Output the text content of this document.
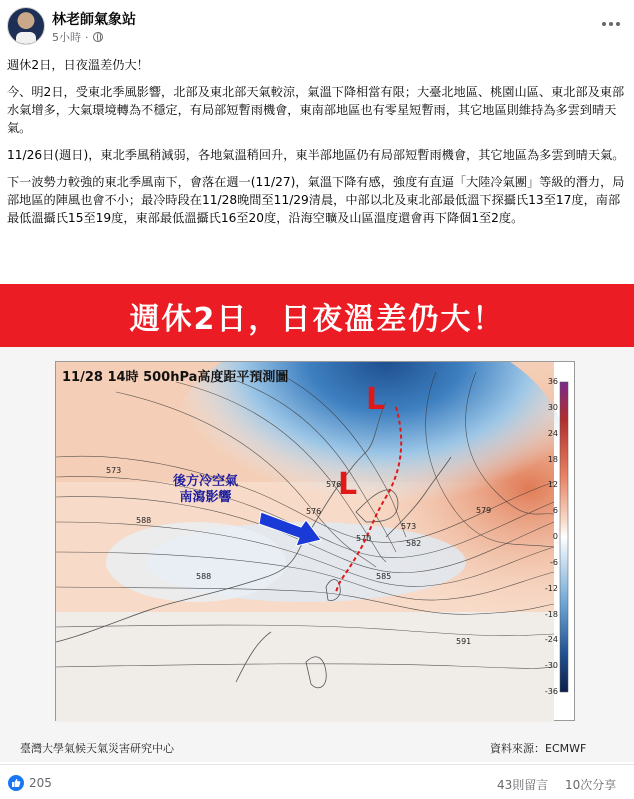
林老師氣象站
5小時 ·

週休2日，日夜溫差仍大！

今、明2日，受東北季風影響，北部及東北部天氣較涼，氣溫下降相當有限；大臺北地區、桃園山區、東北部及東部水氣增多，大氣環境轉為不穩定，有局部短暫雨機會，東南部地區也有零星短暫雨，其它地區則維持為多雲到晴天氣。

11/26日(週日)，東北季風稍減弱，各地氣溫稍回升，東半部地區仍有局部短暫雨機會，其它地區為多雲到晴天氣。

下一波勢力較強的東北季風南下，會落在週一(11/27)，氣溫下降有感，強度有直逼「大陸冷氣團」等級的潛力，局部地區的陣風也會不小；最冷時段在11/28晚間至11/29清晨，中部以北及東北部最低溫下探攝氏13至17度，南部最低溫攝氏15至19度，東部最低溫攝氏16至20度，沿海空曠及山區溫度還會再下降個1至2度。

週休2日，日夜溫差仍大！
11/28 14時 500hPa高度距平預測圖
L
L
後方冷空氣
南瀉影響
573
588
582
576
570
579
585
591
588
573
576
36
30
24
18
12
6
0
-6
-12
-18
-24
-30
-36
臺灣大學氣候天氣災害研究中心	資料來源：ECMWF
205	43則留言 10次分享
